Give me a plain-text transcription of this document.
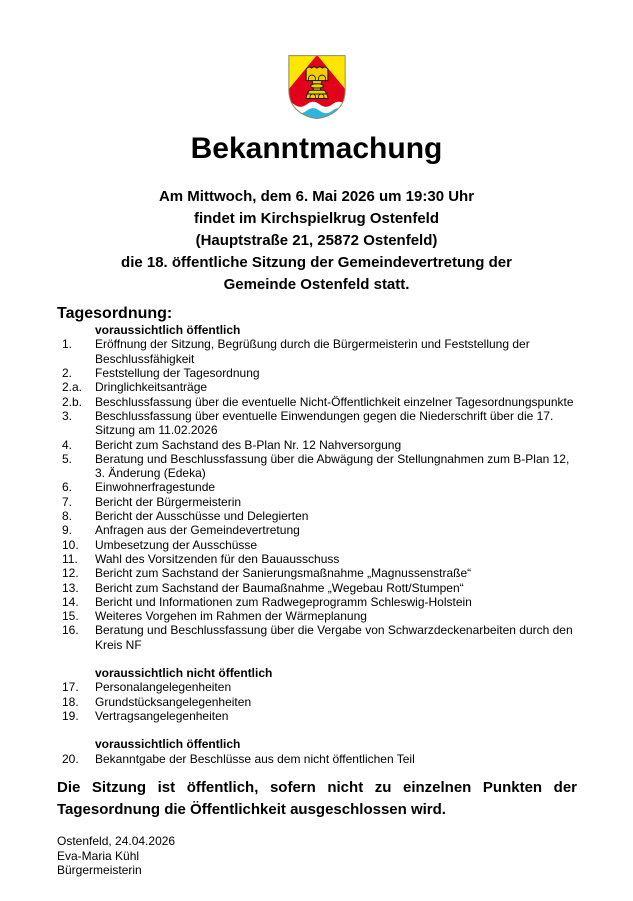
Bekanntmachung
Am Mittwoch, dem 6. Mai 2026 um 19:30 Uhr
findet im Kirchspielkrug Ostenfeld
(Hauptstraße 21, 25872 Ostenfeld)
die 18. öffentliche Sitzung der Gemeindevertretung der
Gemeinde Ostenfeld statt.
Tagesordnung:
voraussichtlich öffentlich
1.	Eröffnung der Sitzung, Begrüßung durch die Bürgermeisterin und Feststellung der Beschlussfähigkeit
2.	Feststellung der Tagesordnung
2.a.	Dringlichkeitsanträge
2.b.	Beschlussfassung über die eventuelle Nicht-Öffentlichkeit einzelner Tagesordnungspunkte
3.	Beschlussfassung über eventuelle Einwendungen gegen die Niederschrift über die 17. Sitzung am 11.02.2026
4.	Bericht zum Sachstand des B-Plan Nr. 12 Nahversorgung
5.	Beratung und Beschlussfassung über die Abwägung der Stellungnahmen zum B-Plan 12, 3. Änderung (Edeka)
6.	Einwohnerfragestunde
7.	Bericht der Bürgermeisterin
8.	Bericht der Ausschüsse und Delegierten
9.	Anfragen aus der Gemeindevertretung
10.	Umbesetzung der Ausschüsse
11.	Wahl des Vorsitzenden für den Bauausschuss
12.	Bericht zum Sachstand der Sanierungsmaßnahme „Magnussenstraße“
13.	Bericht zum Sachstand der Baumaßnahme „Wegebau Rott/Stumpen“
14.	Bericht und Informationen zum Radwegeprogramm Schleswig-Holstein
15.	Weiteres Vorgehen im Rahmen der Wärmeplanung
16.	Beratung und Beschlussfassung über die Vergabe von Schwarzdeckenarbeiten durch den Kreis NF
voraussichtlich nicht öffentlich
17.	Personalangelegenheiten
18.	Grundstücksangelegenheiten
19.	Vertragsangelegenheiten
voraussichtlich öffentlich
20.	Bekanntgabe der Beschlüsse aus dem nicht öffentlichen Teil
Die Sitzung ist öffentlich, sofern nicht zu einzelnen Punkten der Tagesordnung die Öffentlichkeit ausgeschlossen wird.
Ostenfeld, 24.04.2026
Eva-Maria Kühl
Bürgermeisterin
